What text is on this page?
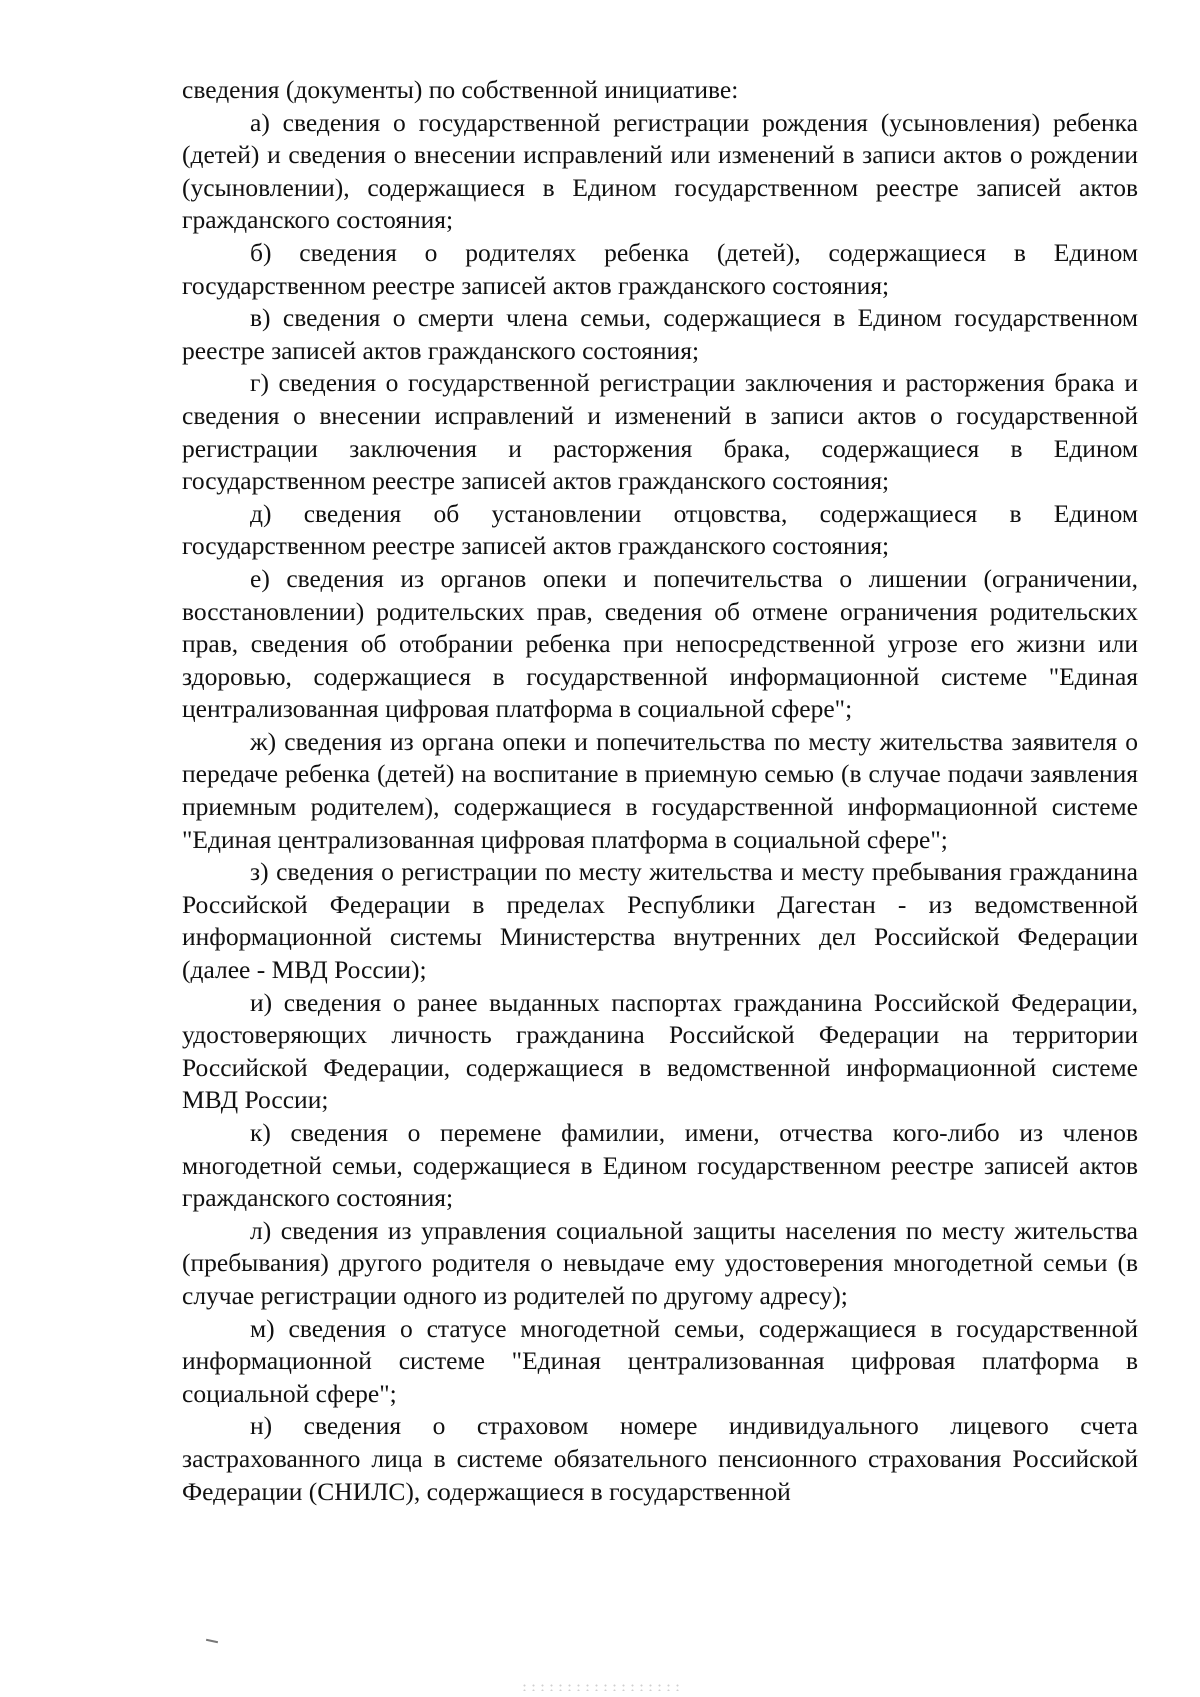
сведения (документы) по собственной инициативе:

а) сведения о государственной регистрации рождения (усыновления) ребенка (детей) и сведения о внесении исправлений или изменений в записи актов о рождении (усыновлении), содержащиеся в Едином государственном реестре записей актов гражданского состояния;

б) сведения о родителях ребенка (детей), содержащиеся в Едином государственном реестре записей актов гражданского состояния;

в) сведения о смерти члена семьи, содержащиеся в Едином государственном реестре записей актов гражданского состояния;

г) сведения о государственной регистрации заключения и расторжения брака и сведения о внесении исправлений и изменений в записи актов о государственной регистрации заключения и расторжения брака, содержащиеся в Едином государственном реестре записей актов гражданского состояния;

д) сведения об установлении отцовства, содержащиеся в Едином государственном реестре записей актов гражданского состояния;

е) сведения из органов опеки и попечительства о лишении (ограничении, восстановлении) родительских прав, сведения об отмене ограничения родительских прав, сведения об отобрании ребенка при непосредственной угрозе его жизни или здоровью, содержащиеся в государственной информационной системе "Единая централизованная цифровая платформа в социальной сфере";

ж) сведения из органа опеки и попечительства по месту жительства заявителя о передаче ребенка (детей) на воспитание в приемную семью (в случае подачи заявления приемным родителем), содержащиеся в государственной информационной системе "Единая централизованная цифровая платформа в социальной сфере";

з) сведения о регистрации по месту жительства и месту пребывания гражданина Российской Федерации в пределах Республики Дагестан - из ведомственной информационной системы Министерства внутренних дел Российской Федерации (далее - МВД России);

и) сведения о ранее выданных паспортах гражданина Российской Федерации, удостоверяющих личность гражданина Российской Федерации на территории Российской Федерации, содержащиеся в ведомственной информационной системе МВД России;

к) сведения о перемене фамилии, имени, отчества кого-либо из членов многодетной семьи, содержащиеся в Едином государственном реестре записей актов гражданского состояния;

л) сведения из управления социальной защиты населения по месту жительства (пребывания) другого родителя о невыдаче ему удостоверения многодетной семьи (в случае регистрации одного из родителей по другому адресу);

м) сведения о статусе многодетной семьи, содержащиеся в государственной информационной системе "Единая централизованная цифровая платформа в социальной сфере";

н) сведения о страховом номере индивидуального лицевого счета застрахованного лица в системе обязательного пенсионного страхования Российской Федерации (СНИЛС), содержащиеся в государственной
